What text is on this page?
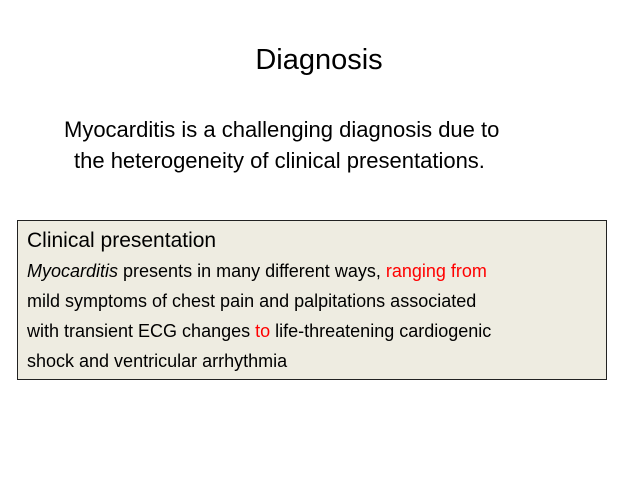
Diagnosis
Myocarditis is a challenging diagnosis due to
the heterogeneity of clinical presentations.
Clinical presentation
Myocarditis presents in many different ways, ranging from
mild symptoms of chest pain and palpitations associated
with transient ECG changes to life-threatening cardiogenic
shock and ventricular arrhythmia
